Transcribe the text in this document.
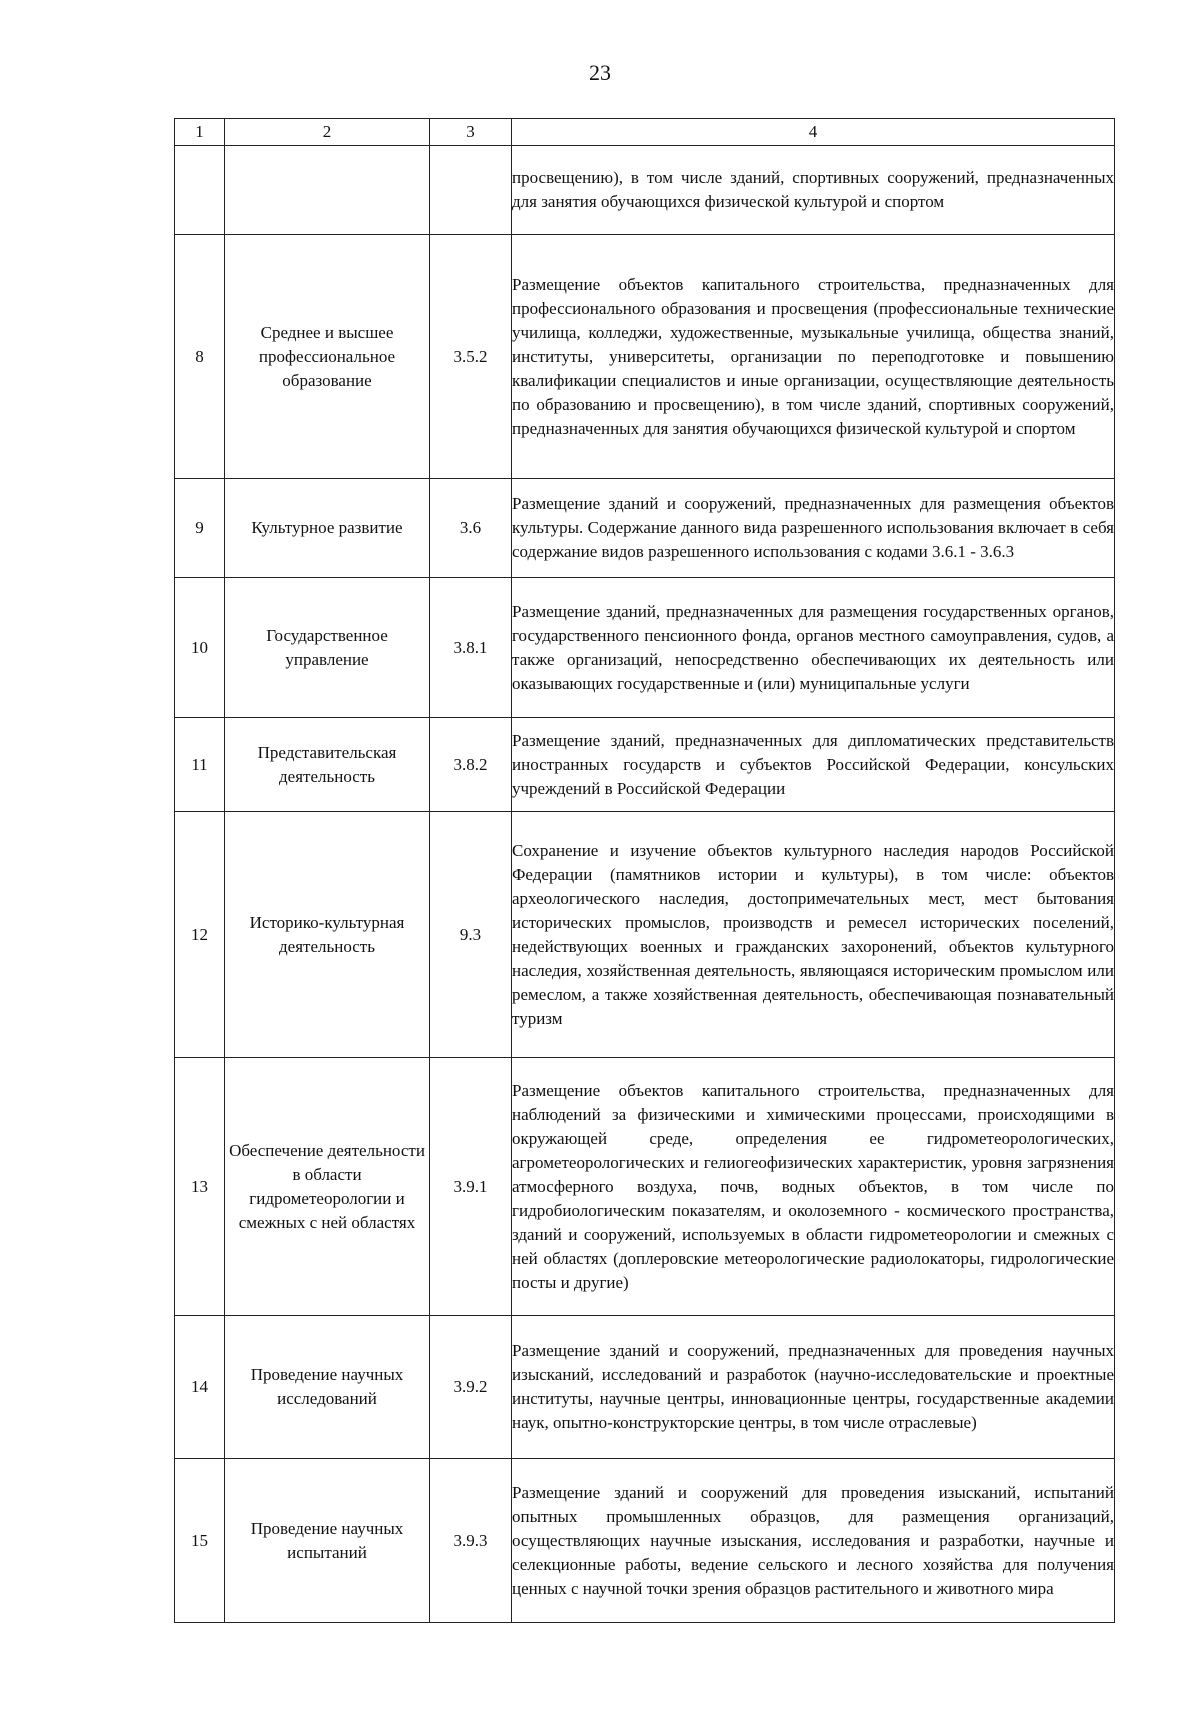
23
1	2	3	4
			просвещению), в том числе зданий, спортивных сооружений, предназначенных для занятия обучающихся физической культурой и спортом
8	Среднее и высшее профессиональное образование	3.5.2	Размещение объектов капитального строительства, предназначенных для профессионального образования и просвещения (профессиональные технические училища, колледжи, художественные, музыкальные училища, общества знаний, институты, университеты, организации по переподготовке и повышению квалификации специалистов и иные организации, осуществляющие деятельность по образованию и просвещению), в том числе зданий, спортивных сооружений, предназначенных для занятия обучающихся физической культурой и спортом
9	Культурное развитие	3.6	Размещение зданий и сооружений, предназначенных для размещения объектов культуры. Содержание данного вида разрешенного использования включает в себя содержание видов разрешенного использования с кодами 3.6.1 - 3.6.3
10	Государственное управление	3.8.1	Размещение зданий, предназначенных для размещения государственных органов, государственного пенсионного фонда, органов местного самоуправления, судов, а также организаций, непосредственно обеспечивающих их деятельность или оказывающих государственные и (или) муниципальные услуги
11	Представительская деятельность	3.8.2	Размещение зданий, предназначенных для дипломатических представительств иностранных государств и субъектов Российской Федерации, консульских учреждений в Российской Федерации
12	Историко-культурная деятельность	9.3	Сохранение и изучение объектов культурного наследия народов Российской Федерации (памятников истории и культуры), в том числе: объектов археологического наследия, достопримечательных мест, мест бытования исторических промыслов, производств и ремесел исторических поселений, недействующих военных и гражданских захоронений, объектов культурного наследия, хозяйственная деятельность, являющаяся историческим промыслом или ремеслом, а также хозяйственная деятельность, обеспечивающая познавательный туризм
13	Обеспечение деятельности в области гидрометеорологии и смежных с ней областях	3.9.1	Размещение объектов капитального строительства, предназначенных для наблюдений за физическими и химическими процессами, происходящими в окружающей среде, определения ее гидрометеорологических, агрометеорологических и гелиогеофизических характеристик, уровня загрязнения атмосферного воздуха, почв, водных объектов, в том числе по гидробиологическим показателям, и околоземного - космического пространства, зданий и сооружений, используемых в области гидрометеорологии и смежных с ней областях (доплеровские метеорологические радиолокаторы, гидрологические посты и другие)
14	Проведение научных исследований	3.9.2	Размещение зданий и сооружений, предназначенных для проведения научных изысканий, исследований и разработок (научно-исследовательские и проектные институты, научные центры, инновационные центры, государственные академии наук, опытно-конструкторские центры, в том числе отраслевые)
15	Проведение научных испытаний	3.9.3	Размещение зданий и сооружений для проведения изысканий, испытаний опытных промышленных образцов, для размещения организаций, осуществляющих научные изыскания, исследования и разработки, научные и селекционные работы, ведение сельского и лесного хозяйства для получения ценных с научной точки зрения образцов растительного и животного мира
